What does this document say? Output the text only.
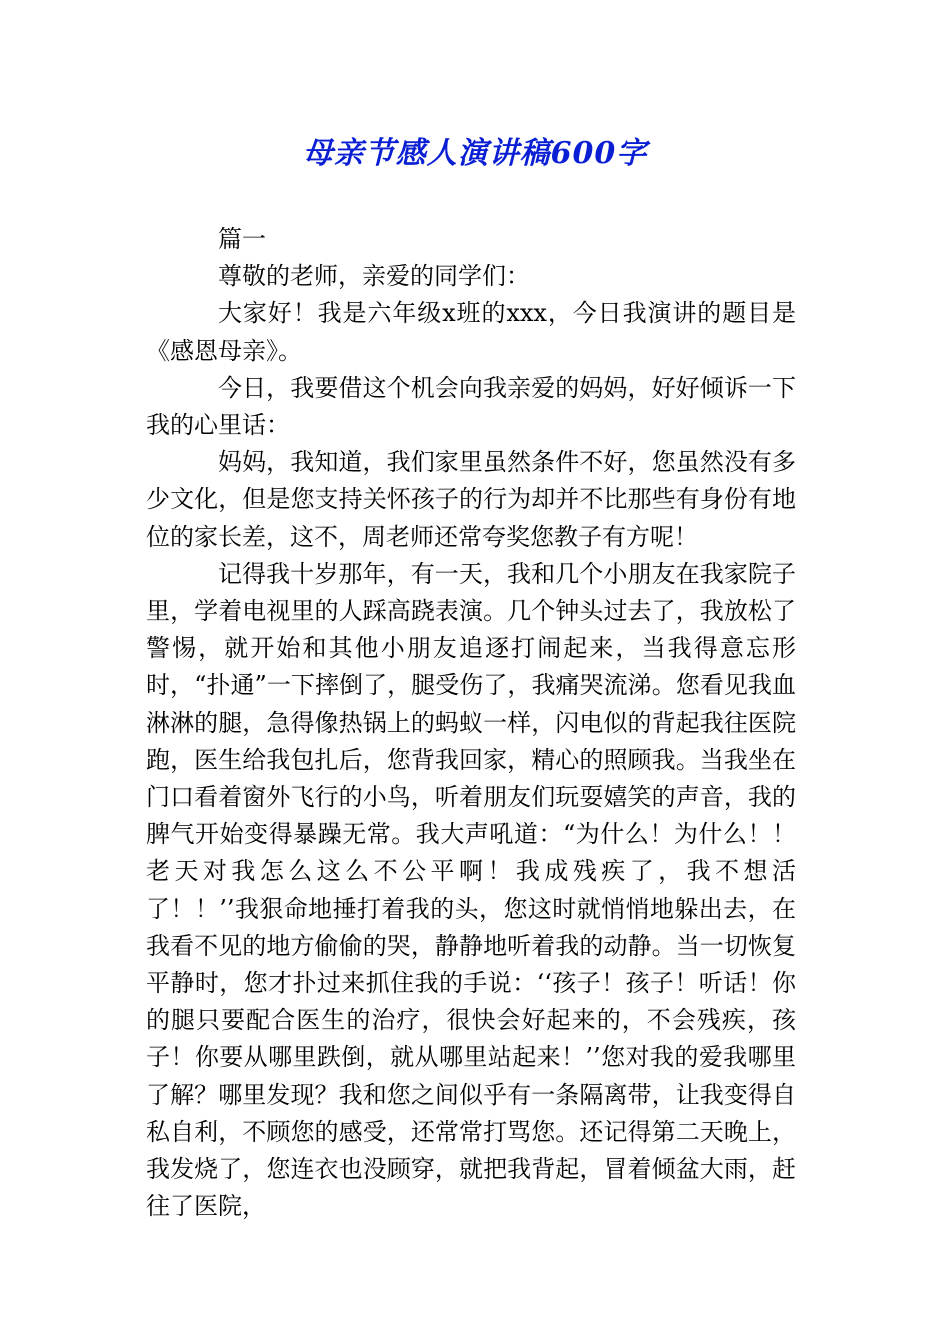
母亲节感人演讲稿600字

篇一

尊敬的老师，亲爱的同学们：

大家好！我是六年级x班的xxx，今日我演讲的题目是《感恩母亲》。

今日，我要借这个机会向我亲爱的妈妈，好好倾诉一下我的心里话：

妈妈，我知道，我们家里虽然条件不好，您虽然没有多少文化，但是您支持关怀孩子的行为却并不比那些有身份有地位的家长差，这不，周老师还常夸奖您教子有方呢！

记得我十岁那年，有一天，我和几个小朋友在我家院子里，学着电视里的人踩高跷表演。几个钟头过去了，我放松了警惕，就开始和其他小朋友追逐打闹起来，当我得意忘形时，“扑通”一下摔倒了，腿受伤了，我痛哭流涕。您看见我血淋淋的腿，急得像热锅上的蚂蚁一样，闪电似的背起我往医院跑，医生给我包扎后，您背我回家，精心的照顾我。当我坐在门口看着窗外飞行的小鸟，听着朋友们玩耍嬉笑的声音，我的脾气开始变得暴躁无常。我大声吼道：“为什么！为什么！！老天对我怎么这么不公平啊！我成残疾了，我不想活了！！’’我狠命地捶打着我的头，您这时就悄悄地躲出去，在我看不见的地方偷偷的哭，静静地听着我的动静。当一切恢复平静时，您才扑过来抓住我的手说：‘‘孩子！孩子！听话！你的腿只要配合医生的治疗，很快会好起来的，不会残疾，孩子！你要从哪里跌倒，就从哪里站起来！’’您对我的爱我哪里了解？哪里发现？我和您之间似乎有一条隔离带，让我变得自私自利，不顾您的感受，还常常打骂您。还记得第二天晚上，我发烧了，您连衣也没顾穿，就把我背起，冒着倾盆大雨，赶往了医院，
